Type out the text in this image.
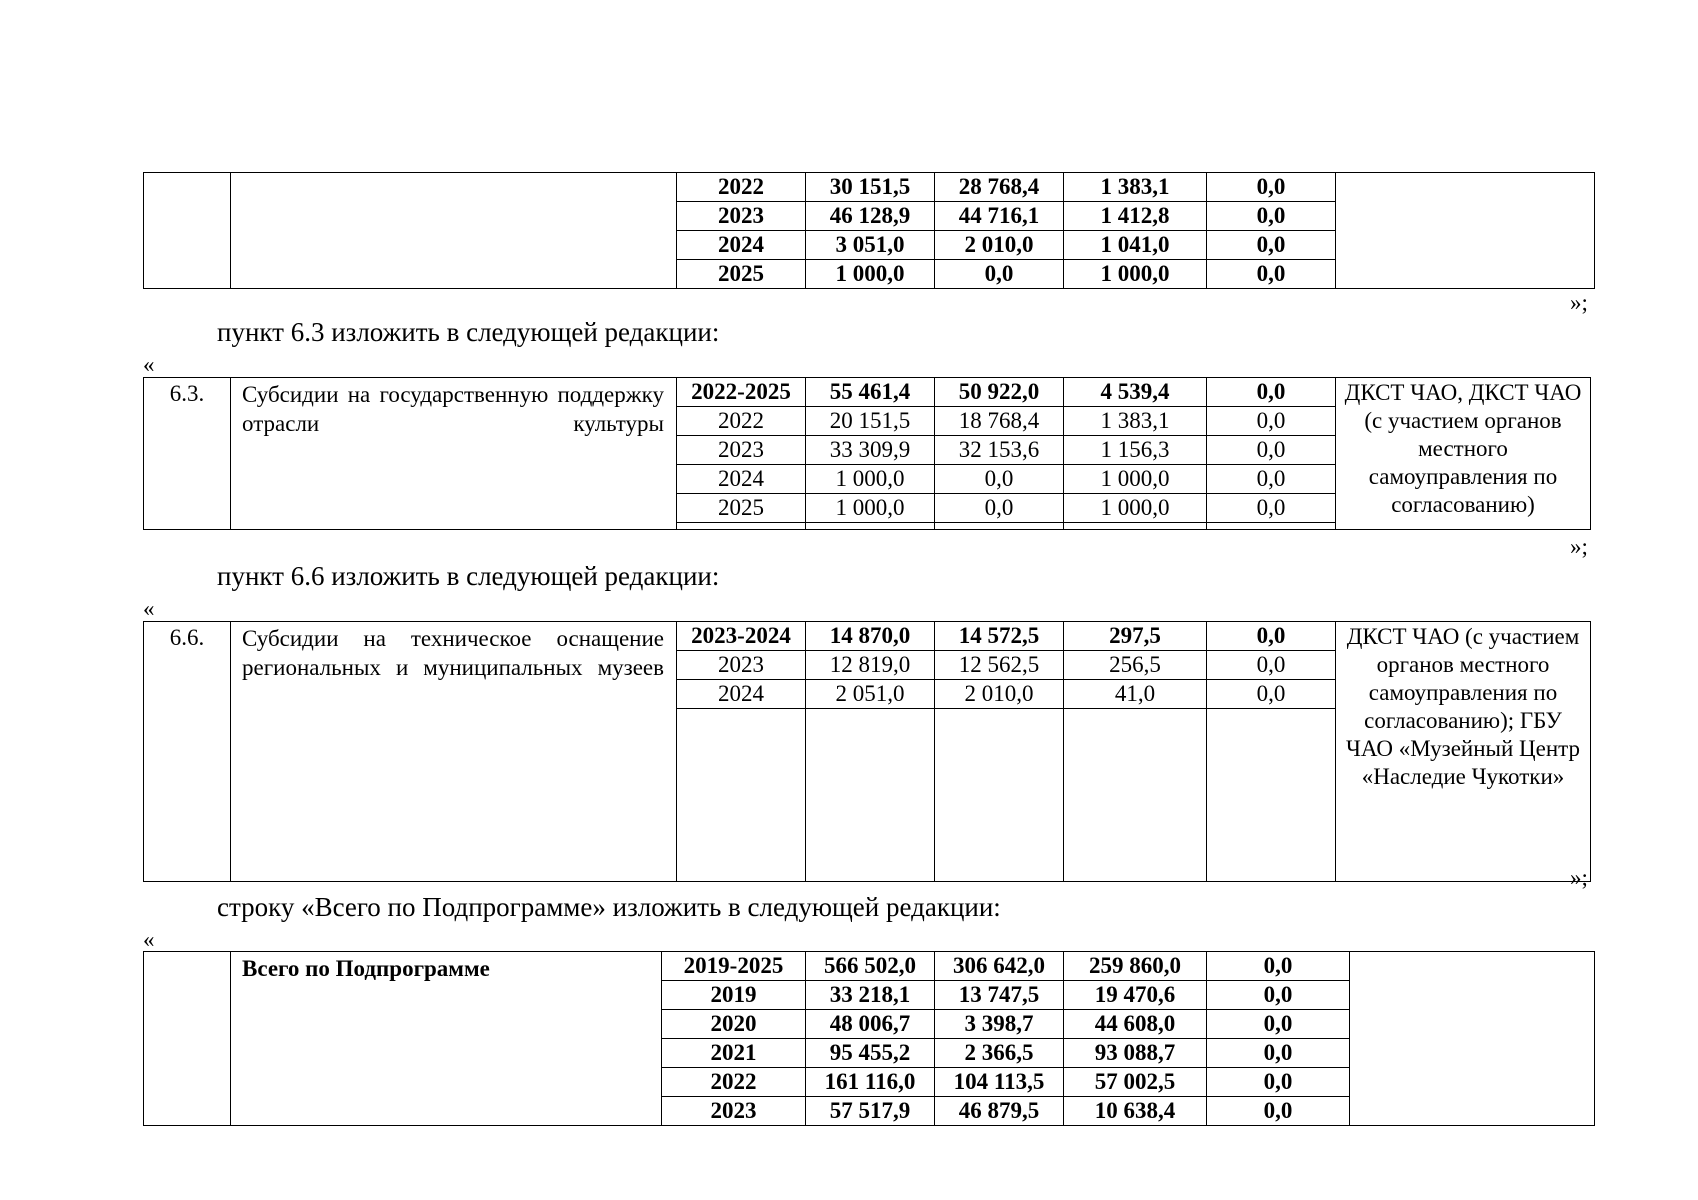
		2022	30 151,5	28 768,4	1 383,1	0,0	
		2023	46 128,9	44 716,1	1 412,8	0,0	
		2024	3 051,0	2 010,0	1 041,0	0,0	
		2025	1 000,0	0,0	1 000,0	0,0	
»;
пункт 6.3 изложить в следующей редакции:
«
6.3.	Субсидии на государственную поддержку отрасли культуры	2022-2025	55 461,4	50 922,0	4 539,4	0,0	ДКСТ ЧАО, ДКСТ ЧАО (с участием органов местного самоуправления по согласованию)
		2022	20 151,5	18 768,4	1 383,1	0,0	
		2023	33 309,9	32 153,6	1 156,3	0,0	
		2024	1 000,0	0,0	1 000,0	0,0	
		2025	1 000,0	0,0	1 000,0	0,0	

»;
пункт 6.6 изложить в следующей редакции:
«
6.6.	Субсидии на техническое оснащение региональных и муниципальных музеев	2023-2024	14 870,0	14 572,5	297,5	0,0	ДКСТ ЧАО (с участием органов местного самоуправления по согласованию); ГБУ ЧАО «Музейный Центр «Наследие Чукотки»
		2023	12 819,0	12 562,5	256,5	0,0	
		2024	2 051,0	2 010,0	41,0	0,0	

»;
строку «Всего по Подпрограмме» изложить в следующей редакции:
«
	Всего по Подпрограмме	2019-2025	566 502,0	306 642,0	259 860,0	0,0	
		2019	33 218,1	13 747,5	19 470,6	0,0	
		2020	48 006,7	3 398,7	44 608,0	0,0	
		2021	95 455,2	2 366,5	93 088,7	0,0	
		2022	161 116,0	104 113,5	57 002,5	0,0	
		2023	57 517,9	46 879,5	10 638,4	0,0	
